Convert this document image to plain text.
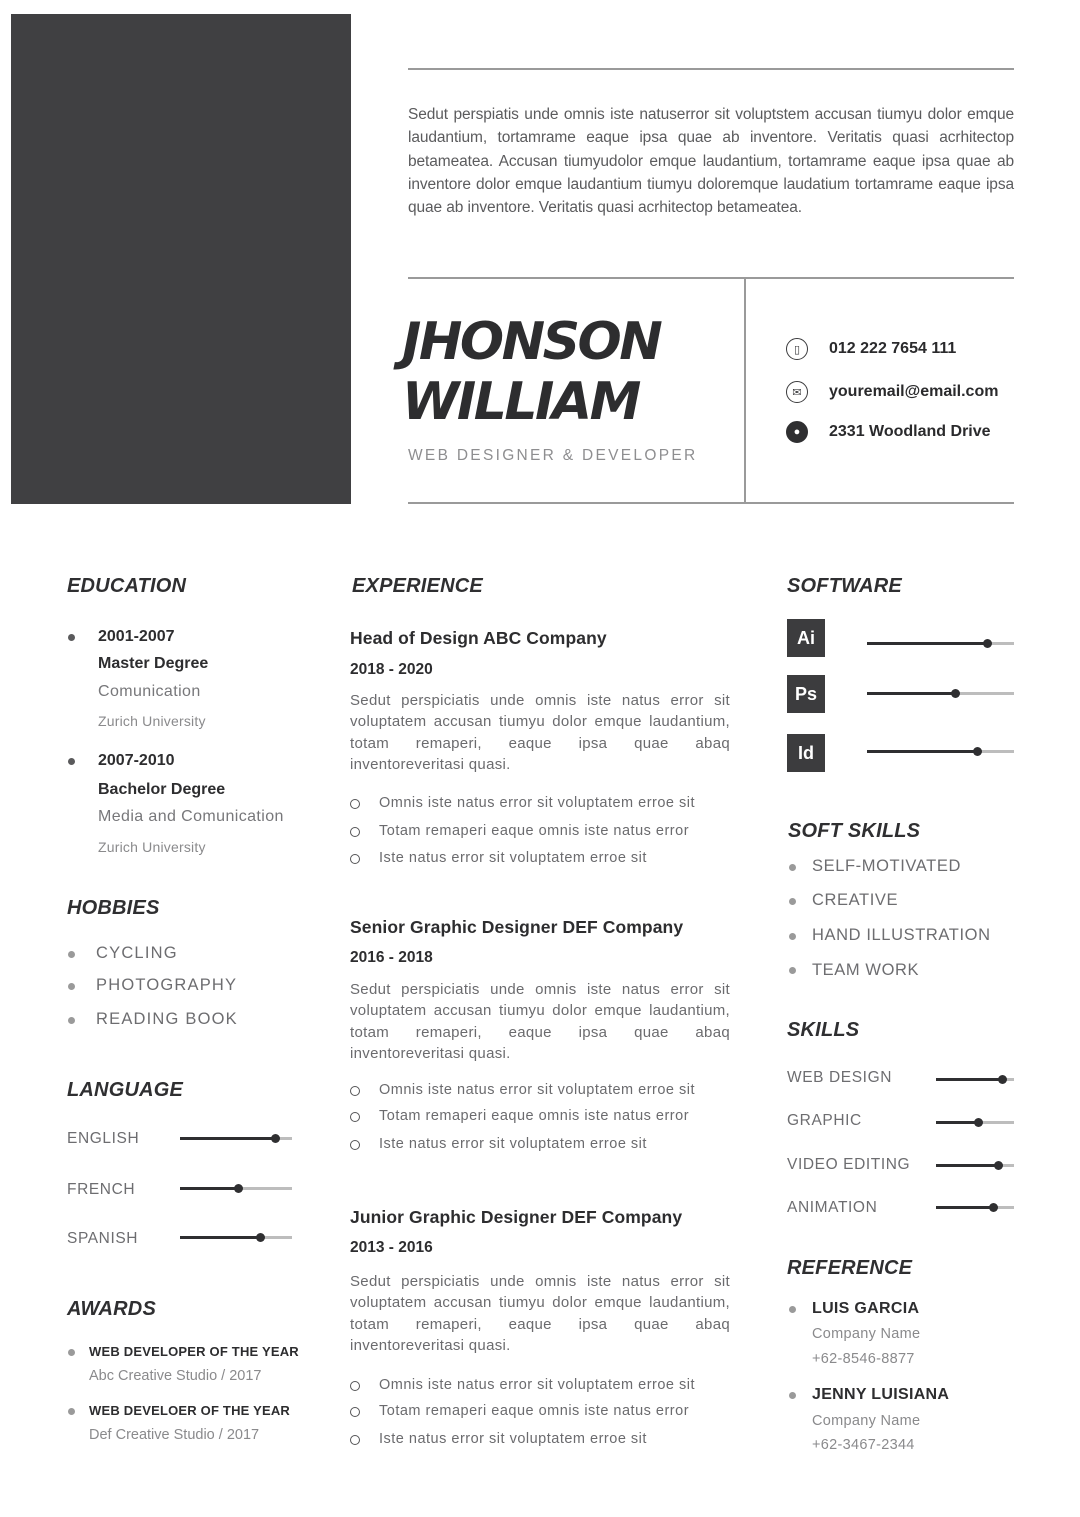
Sedut perspiatis unde omnis iste natuserror sit voluptstem accusan tiumyu dolor emque laudantium, tortamrame eaque ipsa quae ab inventore. Veritatis quasi acrhitectop betameatea. Accusan tiumyudolor emque laudantium, tortamrame eaque ipsa quae ab inventore dolor emque laudantium tiumyu doloremque laudatium tortamrame eaque ipsa quae ab inventore. Veritatis quasi acrhitectop betameatea.
JHONSON
WILLIAM
WEB DESIGNER & DEVELOPER
▯	012 222 7654 111
✉	youremail@email.com
●	2331 Woodland Drive
EDUCATION
2001-2007
Master Degree
Comunication
Zurich University
2007-2010
Bachelor Degree
Media and Comunication
Zurich University
HOBBIES
CYCLING
PHOTOGRAPHY
READING BOOK
LANGUAGE
ENGLISH
FRENCH
SPANISH
AWARDS
WEB DEVELOPER OF THE YEAR
Abc Creative Studio / 2017
WEB DEVELOER OF THE YEAR
Def Creative Studio / 2017
EXPERIENCE
Head of Design ABC Company
2018 - 2020
Sedut perspiciatis unde omnis iste natus error sit voluptatem accusan tiumyu dolor emque laudantium, totam remaperi, eaque ipsa quae abaq inventoreveritasi quasi.
Omnis iste natus error sit voluptatem erroe sit
Totam remaperi eaque omnis iste natus error
Iste natus error sit voluptatem erroe sit
Senior Graphic Designer DEF Company
2016 - 2018
Sedut perspiciatis unde omnis iste natus error sit voluptatem accusan tiumyu dolor emque laudantium, totam remaperi, eaque ipsa quae abaq inventoreveritasi quasi.
Omnis iste natus error sit voluptatem erroe sit
Totam remaperi eaque omnis iste natus error
Iste natus error sit voluptatem erroe sit
Junior Graphic Designer DEF Company
2013 - 2016
Sedut perspiciatis unde omnis iste natus error sit voluptatem accusan tiumyu dolor emque laudantium, totam remaperi, eaque ipsa quae abaq inventoreveritasi quasi.
Omnis iste natus error sit voluptatem erroe sit
Totam remaperi eaque omnis iste natus error
Iste natus error sit voluptatem erroe sit
SOFTWARE
Ai
Ps
Id
SOFT SKILLS
SELF-MOTIVATED
CREATIVE
HAND ILLUSTRATION
TEAM WORK
SKILLS
WEB DESIGN
GRAPHIC
VIDEO EDITING
ANIMATION
REFERENCE
LUIS GARCIA
Company Name
+62-8546-8877
JENNY LUISIANA
Company Name
+62-3467-2344
